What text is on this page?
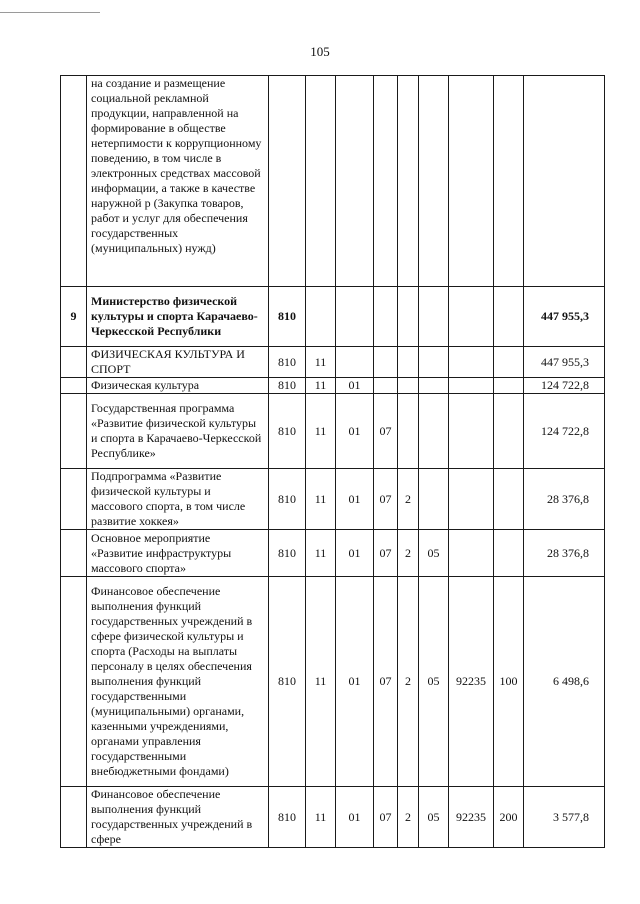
105
	на создание и размещение социальной рекламной продукции, направленной на формирование в обществе нетерпимости к коррупционному поведению, в том числе в электронных средствах массовой информации, а также в качестве наружной р (Закупка товаров, работ и услуг для обеспечения государственных (муниципальных) нужд)									
9	Министерство физической культуры и спорта Карачаево-Черкесской Республики	810								447 955,3
	ФИЗИЧЕСКАЯ КУЛЬТУРА И СПОРТ	810	11							447 955,3
	Физическая культура	810	11	01						124 722,8
	Государственная программа «Развитие физической культуры и спорта в Карачаево-Черкесской Республике»	810	11	01	07					124 722,8
	Подпрограмма «Развитие физической культуры и массового спорта, в том числе развитие хоккея»	810	11	01	07	2				28 376,8
	Основное мероприятие «Развитие инфраструктуры массового спорта»	810	11	01	07	2	05			28 376,8
	Финансовое обеспечение выполнения функций государственных учреждений в сфере физической культуры и спорта (Расходы на выплаты персоналу в целях обеспечения выполнения функций государственными (муниципальными) органами, казенными учреждениями, органами управления государственными внебюджетными фондами)	810	11	01	07	2	05	92235	100	6 498,6
	Финансовое обеспечение выполнения функций государственных учреждений в сфере	810	11	01	07	2	05	92235	200	3 577,8
